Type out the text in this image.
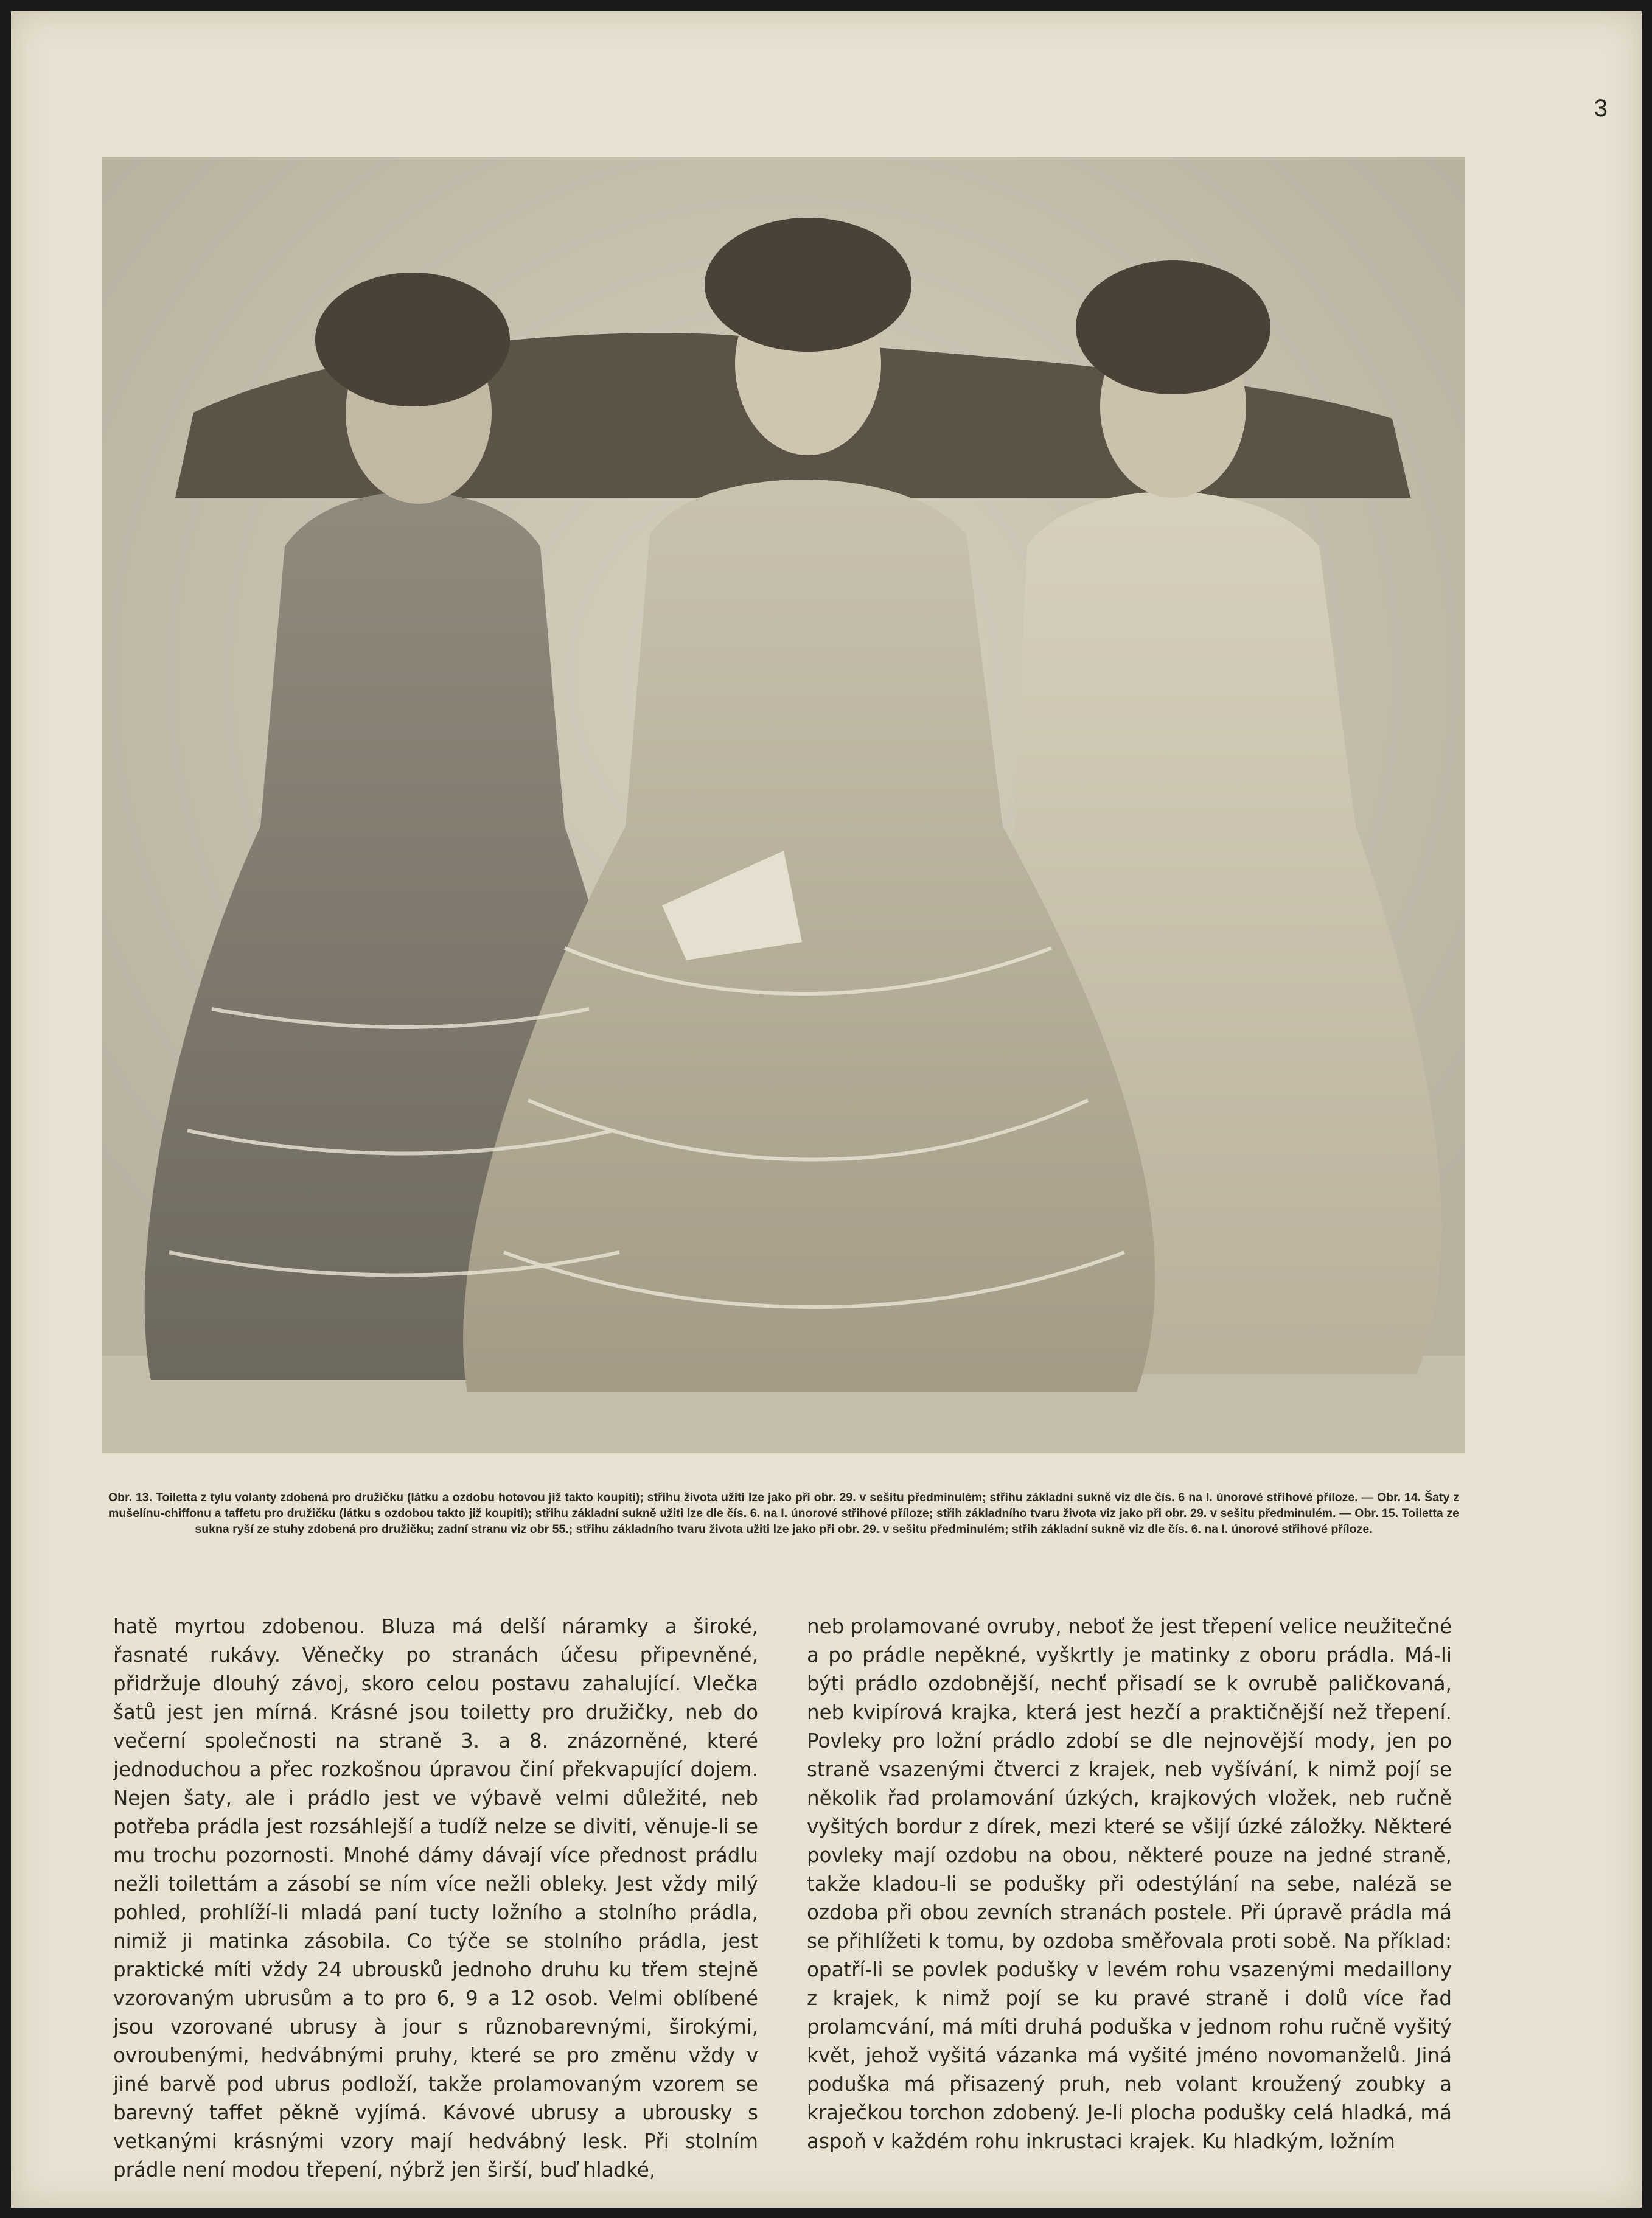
3
Obr. 13. Toiletta z tylu volanty zdobená pro družičku (látku a ozdobu hotovou již takto koupiti); střihu života užiti lze jako při obr. 29. v sešitu předminulém; střihu základní sukně viz dle čís. 6 na I. únorové střihové příloze. — Obr. 14. Šaty z mušelínu-chiffonu a taffetu pro družičku (látku s ozdobou takto již koupiti); střihu základní sukně užiti lze dle čís. 6. na I. únorové střihové příloze; střih základního tvaru života viz jako při obr. 29. v sešitu předminulém. — Obr. 15. Toiletta ze sukna ryší ze stuhy zdobená pro družičku; zadní stranu viz obr 55.; střihu základního tvaru života užiti lze jako při obr. 29. v sešitu předminulém; střih základní sukně viz dle čís. 6. na I. únorové střihové příloze.

hatě myrtou zdobenou. Bluza má delší náramky a široké, řasnaté rukávy. Věnečky po stranách účesu připevněné, přidržuje dlouhý závoj, skoro celou postavu zahalující. Vlečka šatů jest jen mírná. Krásné jsou toiletty pro družičky, neb do večerní společnosti na straně 3. a 8. znázorněné, které jednoduchou a přec rozkošnou úpravou činí překvapující dojem. Nejen šaty, ale i prádlo jest ve výbavě velmi důležité, neb potřeba prádla jest rozsáhlejší a tudíž nelze se diviti, věnuje-li se mu trochu pozornosti. Mnohé dámy dávají více přednost prádlu nežli toilettám a zásobí se ním více nežli obleky. Jest vždy milý pohled, prohlíží-li mladá paní tucty ložního a stolního prádla, nimiž ji matinka zásobila. Co týče se stolního prádla, jest praktické míti vždy 24 ubrousků jednoho druhu ku třem stejně vzorovaným ubrusům a to pro 6, 9 a 12 osob. Velmi oblíbené jsou vzorované ubrusy à jour s různobarevnými, širokými, ovroubenými, hedvábnými pruhy, které se pro změnu vždy v jiné barvě pod ubrus podloží, takže prolamovaným vzorem se barevný taffet pěkně vyjímá. Kávové ubrusy a ubrousky s vetkanými krásnými vzory mají hedvábný lesk. Při stolním prádle není modou třepení, nýbrž jen širší, buď hladké,

neb prolamované ovruby, neboť že jest třepení velice neužitečné a po prádle nepěkné, vyškrtly je matinky z oboru prádla. Má-li býti prádlo ozdobnější, nechť přisadí se k ovrubě paličkovaná, neb kvipírová krajka, která jest hezčí a praktičnější než třepení. Povleky pro ložní prádlo zdobí se dle nejnovější mody, jen po straně vsazenými čtverci z krajek, neb vyšívání, k nimž pojí se několik řad prolamování úzkých, krajkových vložek, neb ručně vyšitých bordur z dírek, mezi které se všijí úzké záložky. Některé povleky mají ozdobu na obou, některé pouze na jedné straně, takže kladou-li se podušky při odestýlání na sebe, naléză se ozdoba při obou zevních stranách postele. Při úpravě prádla má se přihlížeti k tomu, by ozdoba směřovala proti sobě. Na příklad: opatří-li se povlek podušky v levém rohu vsazenými medaillony z krajek, k nimž pojí se ku pravé straně i dolů více řad prolamcvání, má míti druhá poduška v jednom rohu ručně vyšitý květ, jehož vyšitá vázanka má vyšité jméno novomanželů. Jiná poduška má přisazený pruh, neb volant kroužený zoubky a kraječkou torchon zdobený. Je-li plocha podušky celá hladká, má aspoň v každém rohu inkrustaci krajek. Ku hladkým, ložním
